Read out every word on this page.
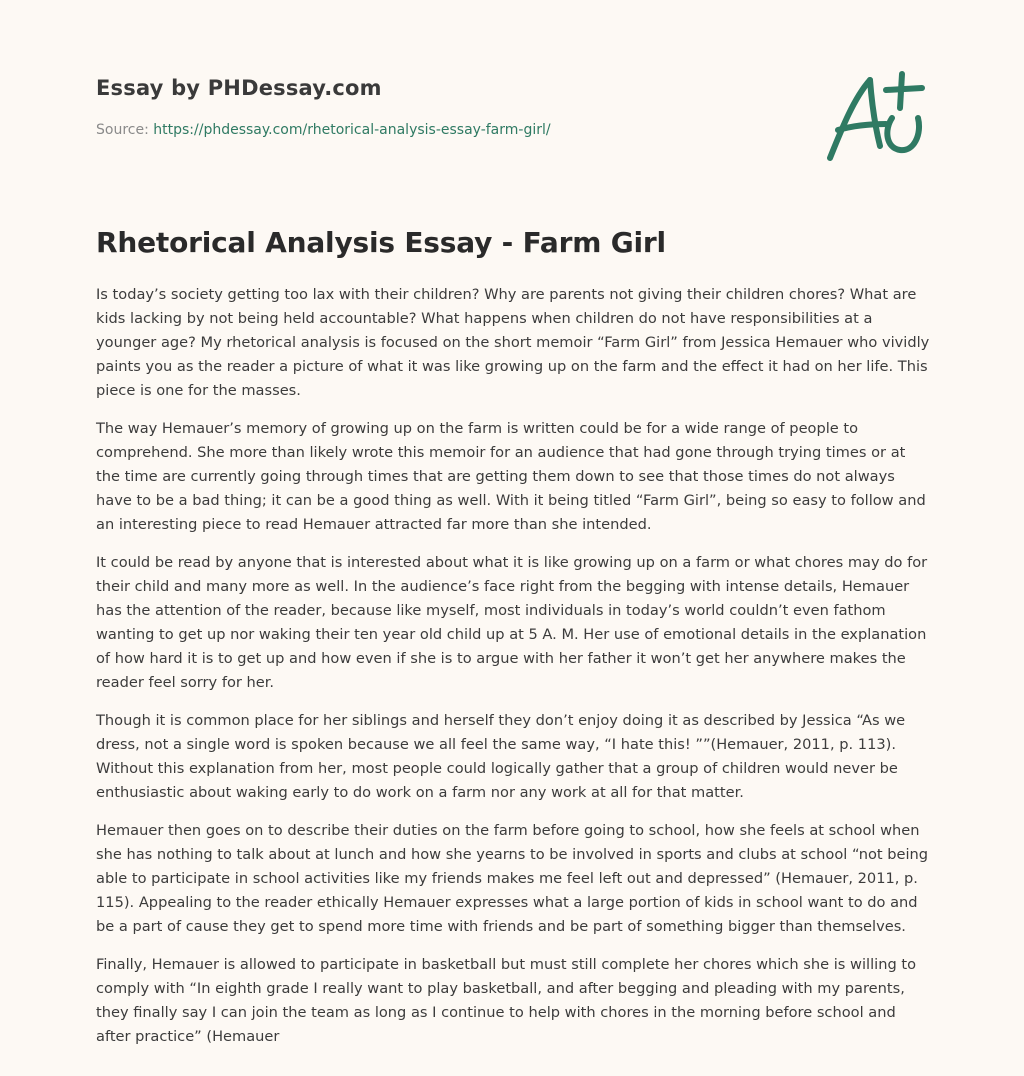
Essay by PHDessay.com
Source: https://phdessay.com/rhetorical-analysis-essay-farm-girl/
Rhetorical Analysis Essay - Farm Girl

Is today’s society getting too lax with their children? Why are parents not giving their children chores? What are kids lacking by not being held accountable? What happens when children do not have responsibilities at a younger age? My rhetorical analysis is focused on the short memoir “Farm Girl” from Jessica Hemauer who vividly paints you as the reader a picture of what it was like growing up on the farm and the effect it had on her life. This piece is one for the masses.

The way Hemauer’s memory of growing up on the farm is written could be for a wide range of people to comprehend. She more than likely wrote this memoir for an audience that had gone through trying times or at the time are currently going through times that are getting them down to see that those times do not always have to be a bad thing; it can be a good thing as well. With it being titled “Farm Girl”, being so easy to follow and an interesting piece to read Hemauer attracted far more than she intended.

It could be read by anyone that is interested about what it is like growing up on a farm or what chores may do for their child and many more as well. In the audience’s face right from the begging with intense details, Hemauer has the attention of the reader, because like myself, most individuals in today’s world couldn’t even fathom wanting to get up nor waking their ten year old child up at 5 A. M. Her use of emotional details in the explanation of how hard it is to get up and how even if she is to argue with her father it won’t get her anywhere makes the reader feel sorry for her.

Though it is common place for her siblings and herself they don’t enjoy doing it as described by Jessica “As we dress, not a single word is spoken because we all feel the same way, “I hate this! ””(Hemauer, 2011, p. 113). Without this explanation from her, most people could logically gather that a group of children would never be enthusiastic about waking early to do work on a farm nor any work at all for that matter.

Hemauer then goes on to describe their duties on the farm before going to school, how she feels at school when she has nothing to talk about at lunch and how she yearns to be involved in sports and clubs at school “not being able to participate in school activities like my friends makes me feel left out and depressed” (Hemauer, 2011, p. 115). Appealing to the reader ethically Hemauer expresses what a large portion of kids in school want to do and be a part of cause they get to spend more time with friends and be part of something bigger than themselves.

Finally, Hemauer is allowed to participate in basketball but must still complete her chores which she is willing to comply with “In eighth grade I really want to play basketball, and after begging and pleading with my parents, they finally say I can join the team as long as I continue to help with chores in the morning before school and after practice” (Hemauer
